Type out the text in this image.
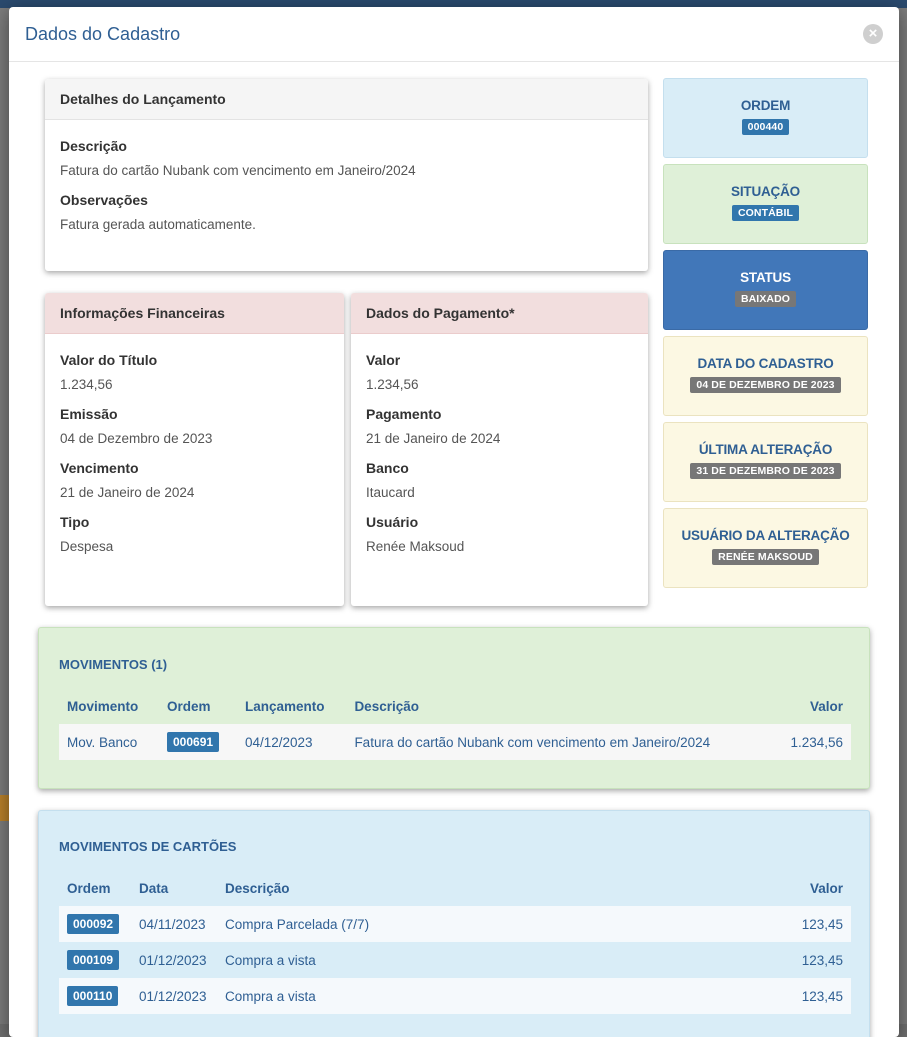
Dados do Cadastro	×
Detalhes do Lançamento
Descrição
Fatura do cartão Nubank com vencimento em Janeiro/2024
Observações
Fatura gerada automaticamente.
Informações Financeiras
Valor do Título
1.234,56
Emissão
04 de Dezembro de 2023
Vencimento
21 de Janeiro de 2024
Tipo
Despesa
Dados do Pagamento*
Valor
1.234,56
Pagamento
21 de Janeiro de 2024
Banco
Itaucard
Usuário
Renée Maksoud
ORDEM
000440
SITUAÇÃO
CONTÁBIL
STATUS
BAIXADO
DATA DO CADASTRO
04 DE DEZEMBRO DE 2023
ÚLTIMA ALTERAÇÃO
31 DE DEZEMBRO DE 2023
USUÁRIO DA ALTERAÇÃO
RENÉE MAKSOUD
MOVIMENTOS (1)
Movimento	Ordem	Lançamento	Descrição	Valor
Mov. Banco	000691	04/12/2023	Fatura do cartão Nubank com vencimento em Janeiro/2024	1.234,56
MOVIMENTOS DE CARTÕES
Ordem	Data	Descrição	Valor
000092	04/11/2023	Compra Parcelada (7/7)	123,45
000109	01/12/2023	Compra a vista	123,45
000110	01/12/2023	Compra a vista	123,45
